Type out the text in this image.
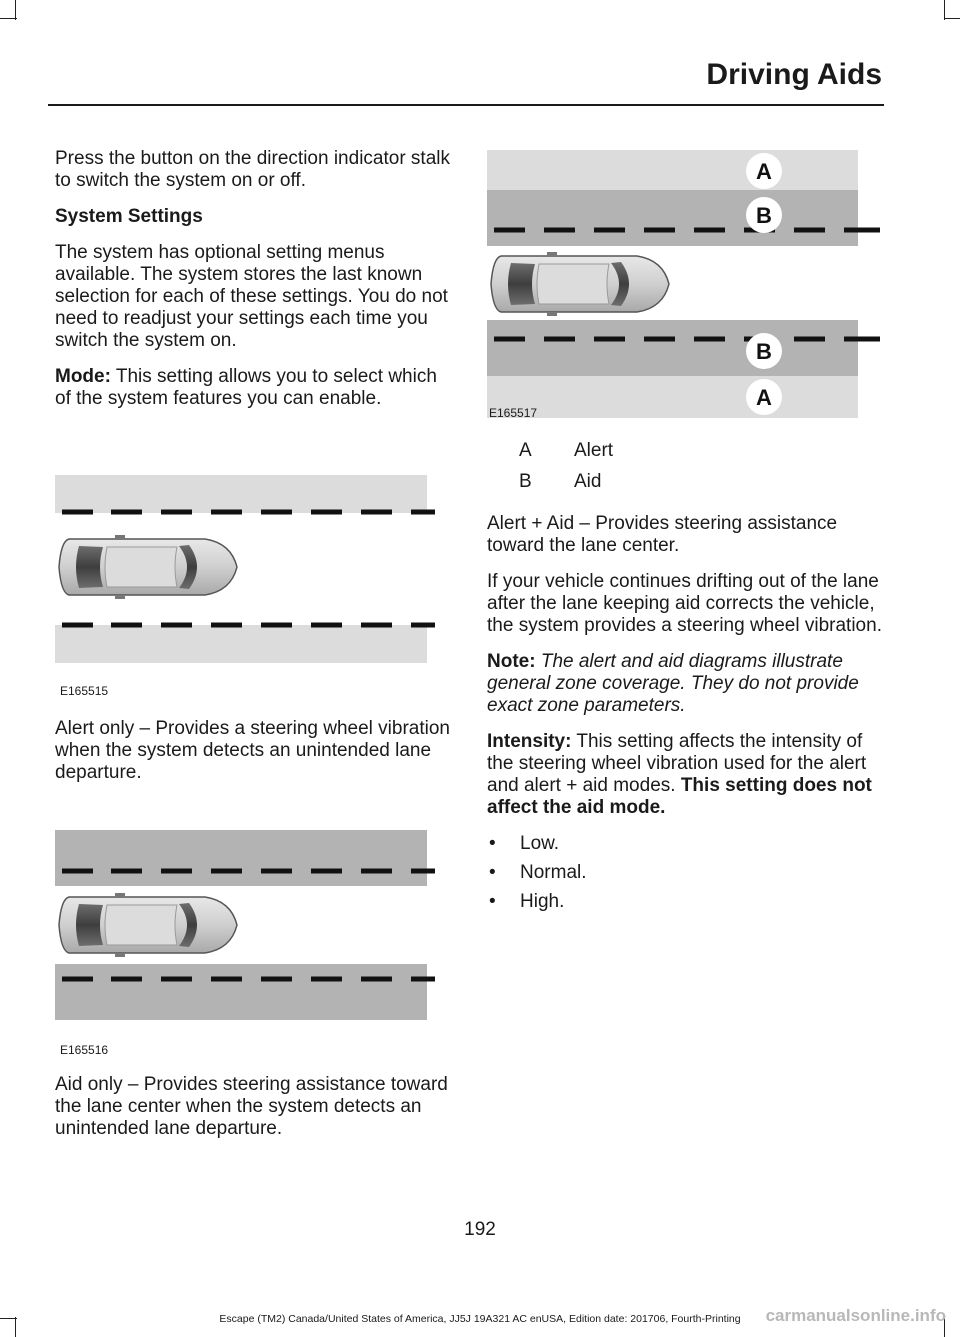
Driving Aids

Press the button on the direction indicator stalk to switch the system on or off.

System Settings

The system has optional setting menus available. The system stores the last known selection for each of these settings. You do not need to readjust your settings each time you switch the system on.

Mode: This setting allows you to select which of the system features you can enable.

E165515
Alert only – Provides a steering wheel vibration when the system detects an unintended lane departure.
E165516
Aid only – Provides steering assistance toward the lane center when the system detects an unintended lane departure.
A
B
B
A
E165517
A Alert
B Aid

Alert + Aid – Provides steering assistance toward the lane center.

If your vehicle continues drifting out of the lane after the lane keeping aid corrects the vehicle, the system provides a steering wheel vibration.

Note: The alert and aid diagrams illustrate general zone coverage. They do not provide exact zone parameters.

Intensity: This setting affects the intensity of the steering wheel vibration used for the alert and alert + aid modes. This setting does not affect the aid mode.

• Low.
• Normal.
• High.
192
Escape (TM2) Canada/United States of America, JJ5J 19A321 AC enUSA, Edition date: 201706, Fourth-Printing	carmanualsonline.info
